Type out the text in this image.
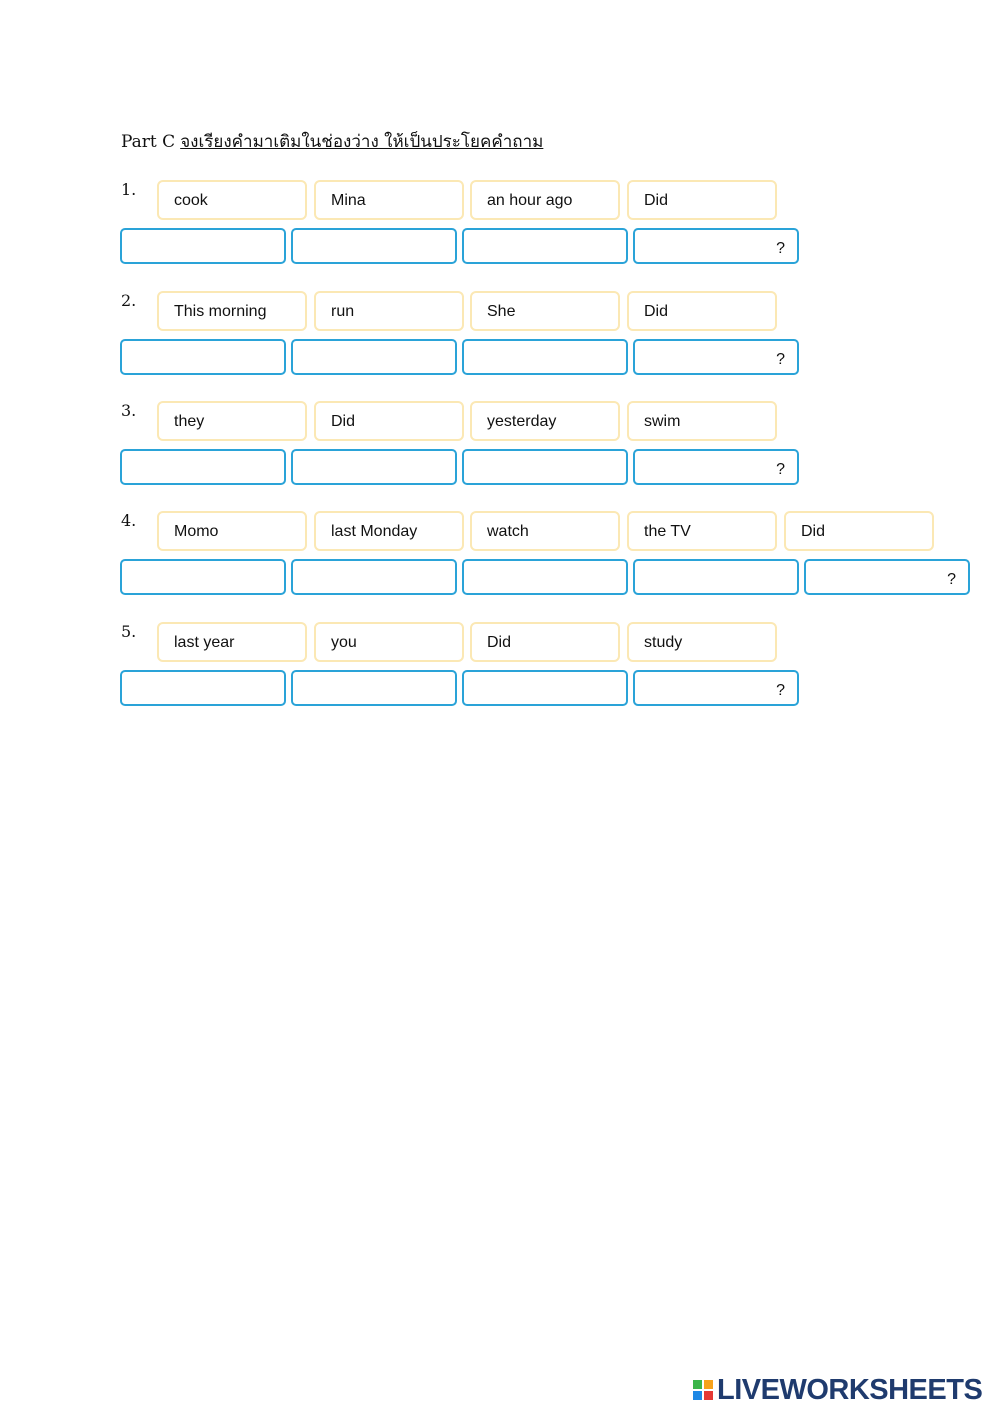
Part C จงเรียงคำมาเติมในช่องว่าง ให้เป็นประโยคคำถาม
1.
cook	Mina	an hour ago	Did
?
2.
This morning	run	She	Did
?
3.
they	Did	yesterday	swim
?
4.
Momo	last Monday	watch	the TV	Did
?
5.
last year	you	Did	study
?
LIVEWORKSHEETS
